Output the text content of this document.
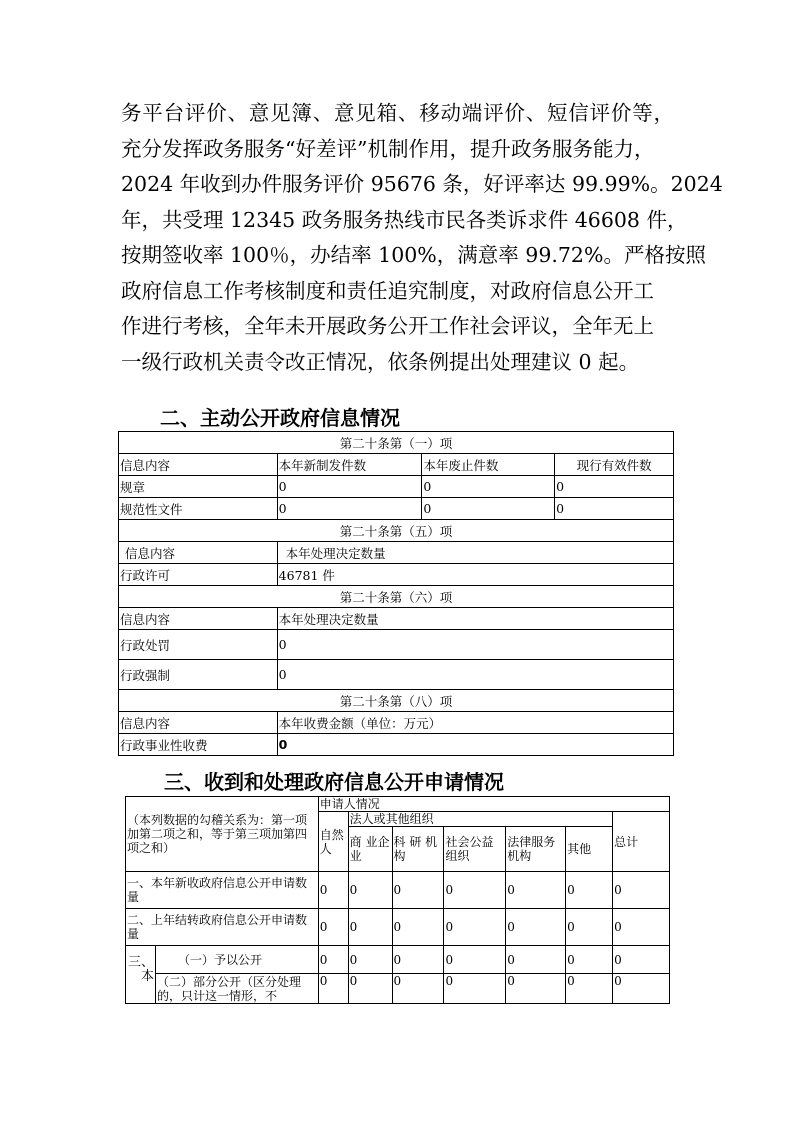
务平台评价、意见簿、意见箱、移动端评价、短信评价等，
充分发挥政务服务“好差评”机制作用，提升政务服务能力，
2024 年收到办件服务评价 95676 条，好评率达 99.99%。2024
年，共受理 12345 政务服务热线市民各类诉求件 46608 件，
按期签收率 100％，办结率 100%，满意率 99.72%。严格按照
政府信息工作考核制度和责任追究制度，对政府信息公开工
作进行考核，全年未开展政务公开工作社会评议，全年无上
一级行政机关责令改正情况，依条例提出处理建议 0 起。
二、主动公开政府信息情况
第二十条第（一）项			
信息内容	本年新制发件数	本年废止件数	现行有效件数
规章	0	0	0
规范性文件	0	0	0
第二十条第（五）项			
信息内容	本年处理决定数量		
行政许可	46781 件		
第二十条第（六）项			
信息内容	本年处理决定数量		
行政处罚	0		
行政强制	0		
第二十条第（八）项			
信息内容	本年收费金额（单位：万元）		
行政事业性收费	0		
三、收到和处理政府信息公开申请情况
（本列数据的勾稽关系为：第一项加第二项之和，等于第三项加第四项之和）		申请人情况						
		自然人	法人或其他组织					总计
			商 业企业	科 研 机构	社会公益组织	法律服务机构	其他	
一、本年新收政府信息公开申请数量		0	0	0	0	0	0	0
二、上年结转政府信息公开申请数量		0	0	0	0	0	0	0
三、本	（一）予以公开	0	0	0	0	0	0	0
	（二）部分公开（区分处理的，只计这一情形，不	0	0	0	0	0	0	0
